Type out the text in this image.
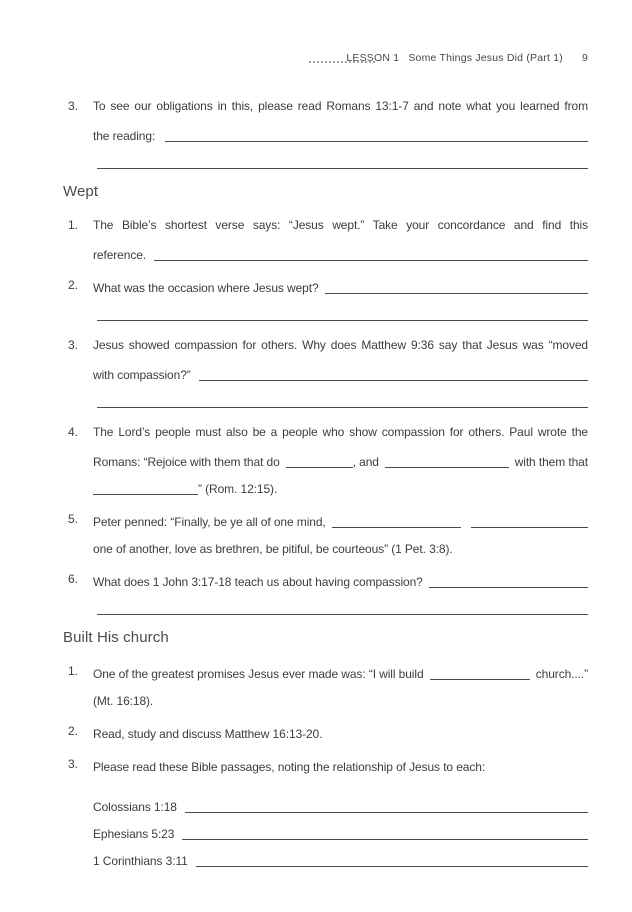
LESSON 1 Some Things Jesus Did (Part 1) 9
3.	To see our obligations in this, please read Romans 13:1-7 and note what you learned from
the reading:
Wept
1.	The Bible’s shortest verse says: “Jesus wept.” Take your concordance and find this
reference.
2.	What was the occasion where Jesus wept?
3.	Jesus showed compassion for others. Why does Matthew 9:36 say that Jesus was “moved
with compassion?”
4.	The Lord’s people must also be a people who show compassion for others. Paul wrote the
Romans: “Rejoice with them that do	, and	with them that
” (Rom. 12:15).
5.	Peter penned: “Finally, be ye all of one mind,
one of another, love as brethren, be pitiful, be courteous” (1 Pet. 3:8).
6.	What does 1 John 3:17-18 teach us about having compassion?
Built His church
1.	One of the greatest promises Jesus ever made was: “I will build	church....”
(Mt. 16:18).
2.	Read, study and discuss Matthew 16:13-20.
3.	Please read these Bible passages, noting the relationship of Jesus to each:
Colossians 1:18
Ephesians 5:23
1 Corinthians 3:11
